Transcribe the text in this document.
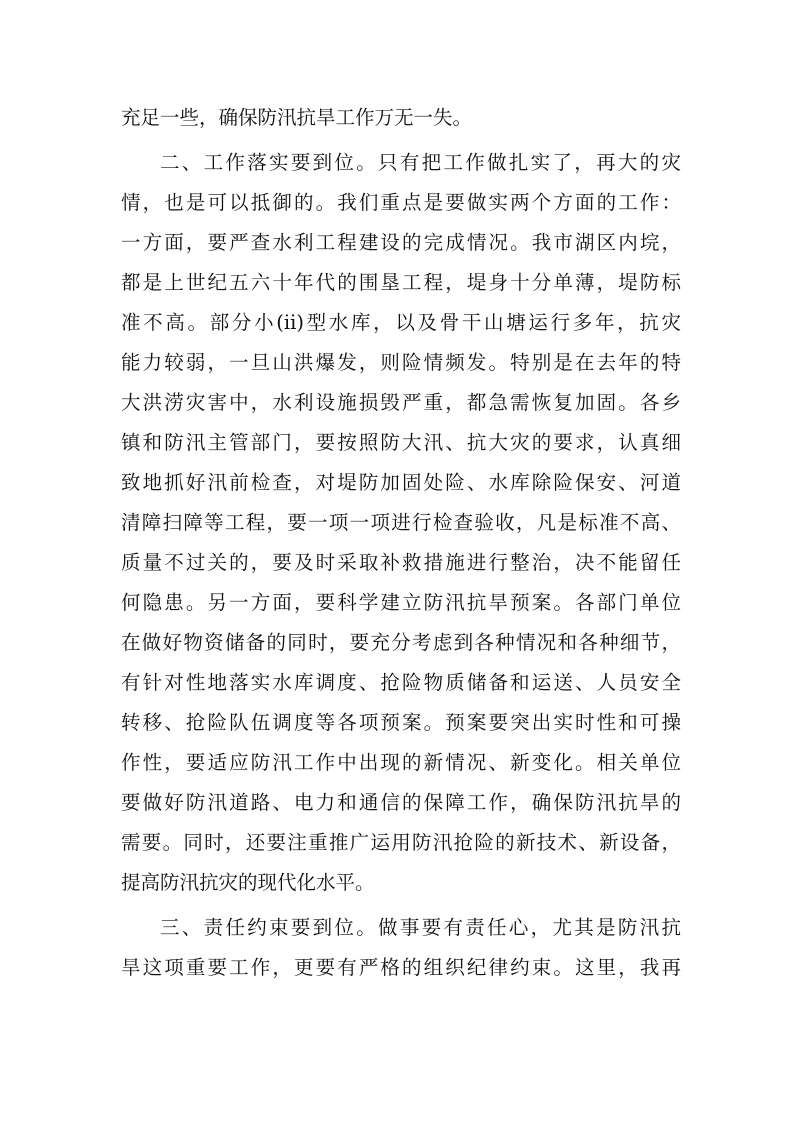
充足一些，确保防汛抗旱工作万无一失。
二、工作落实要到位。只有把工作做扎实了，再大的灾
情，也是可以抵御的。我们重点是要做实两个方面的工作：
一方面，要严查水利工程建设的完成情况。我市湖区内垸，
都是上世纪五六十年代的围垦工程，堤身十分单薄，堤防标
准不高。部分小(ii)型水库，以及骨干山塘运行多年，抗灾
能力较弱，一旦山洪爆发，则险情频发。特别是在去年的特
大洪涝灾害中，水利设施损毁严重，都急需恢复加固。各乡
镇和防汛主管部门，要按照防大汛、抗大灾的要求，认真细
致地抓好汛前检查，对堤防加固处险、水库除险保安、河道
清障扫障等工程，要一项一项进行检查验收，凡是标准不高、
质量不过关的，要及时采取补救措施进行整治，决不能留任
何隐患。另一方面，要科学建立防汛抗旱预案。各部门单位
在做好物资储备的同时，要充分考虑到各种情况和各种细节，
有针对性地落实水库调度、抢险物质储备和运送、人员安全
转移、抢险队伍调度等各项预案。预案要突出实时性和可操
作性，要适应防汛工作中出现的新情况、新变化。相关单位
要做好防汛道路、电力和通信的保障工作，确保防汛抗旱的
需要。同时，还要注重推广运用防汛抢险的新技术、新设备，
提高防汛抗灾的现代化水平。
三、责任约束要到位。做事要有责任心，尤其是防汛抗
旱这项重要工作，更要有严格的组织纪律约束。这里，我再
